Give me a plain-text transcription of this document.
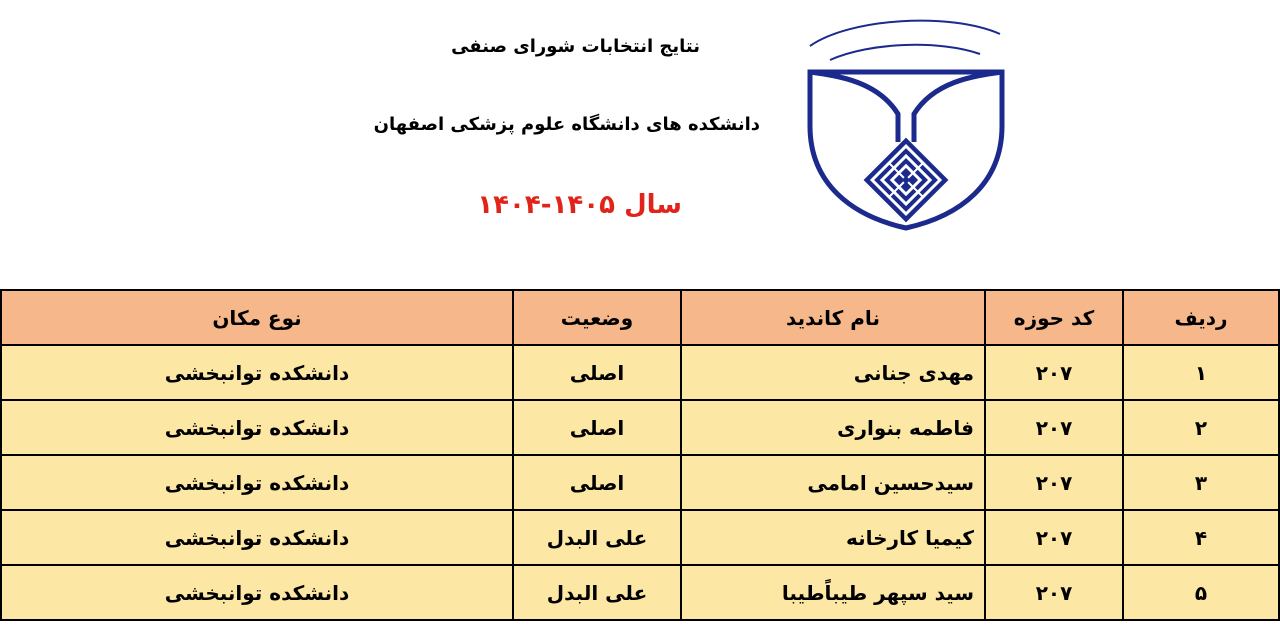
نتایج انتخابات شورای صنفی
دانشکده های دانشگاه علوم پزشکی اصفهان
سال ۱۴۰۵-۱۴۰۴
ردیف	کد حوزه	نام کاندید	وضعیت	نوع مکان
۱	۲۰۷	مهدی جنانی	اصلی	دانشکده توانبخشی
۲	۲۰۷	فاطمه بنواری	اصلی	دانشکده توانبخشی
۳	۲۰۷	سیدحسین امامی	اصلی	دانشکده توانبخشی
۴	۲۰۷	کیمیا کارخانه	علی البدل	دانشکده توانبخشی
۵	۲۰۷	سید سپهر طیباًطیبا	علی البدل	دانشکده توانبخشی
